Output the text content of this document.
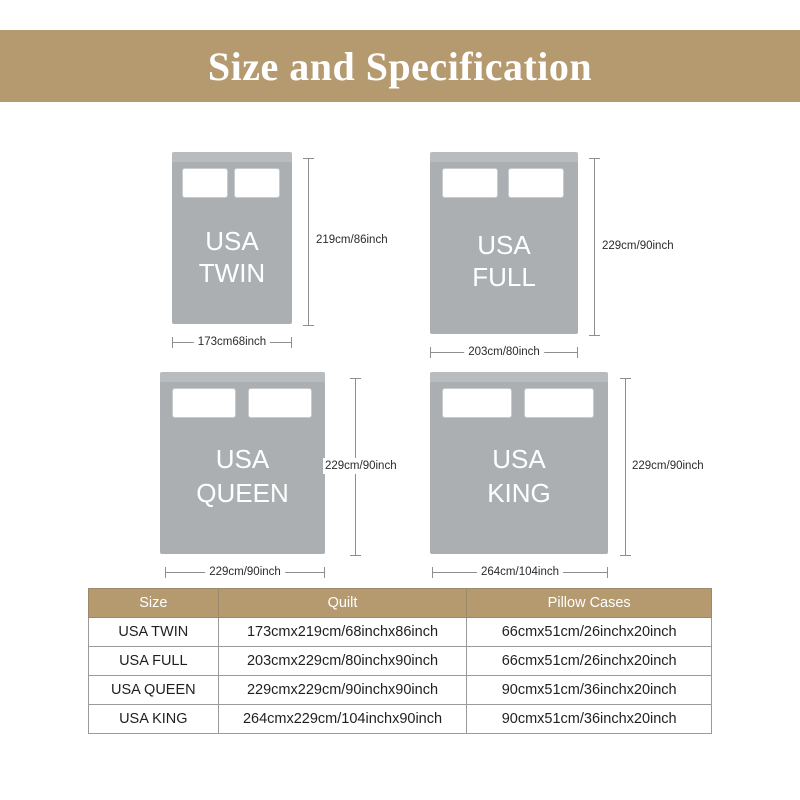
Size and Specification
USA
TWIN
219cm/86inch
173cm68inch
USA
FULL
229cm/90inch
203cm/80inch
USA
QUEEN
229cm/90inch
229cm/90inch
USA
KING
229cm/90inch
264cm/104inch
Size	Quilt	Pillow Cases
USA TWIN	173cmx219cm/68inchx86inch	66cmx51cm/26inchx20inch
USA FULL	203cmx229cm/80inchx90inch	66cmx51cm/26inchx20inch
USA QUEEN	229cmx229cm/90inchx90inch	90cmx51cm/36inchx20inch
USA KING	264cmx229cm/104inchx90inch	90cmx51cm/36inchx20inch
